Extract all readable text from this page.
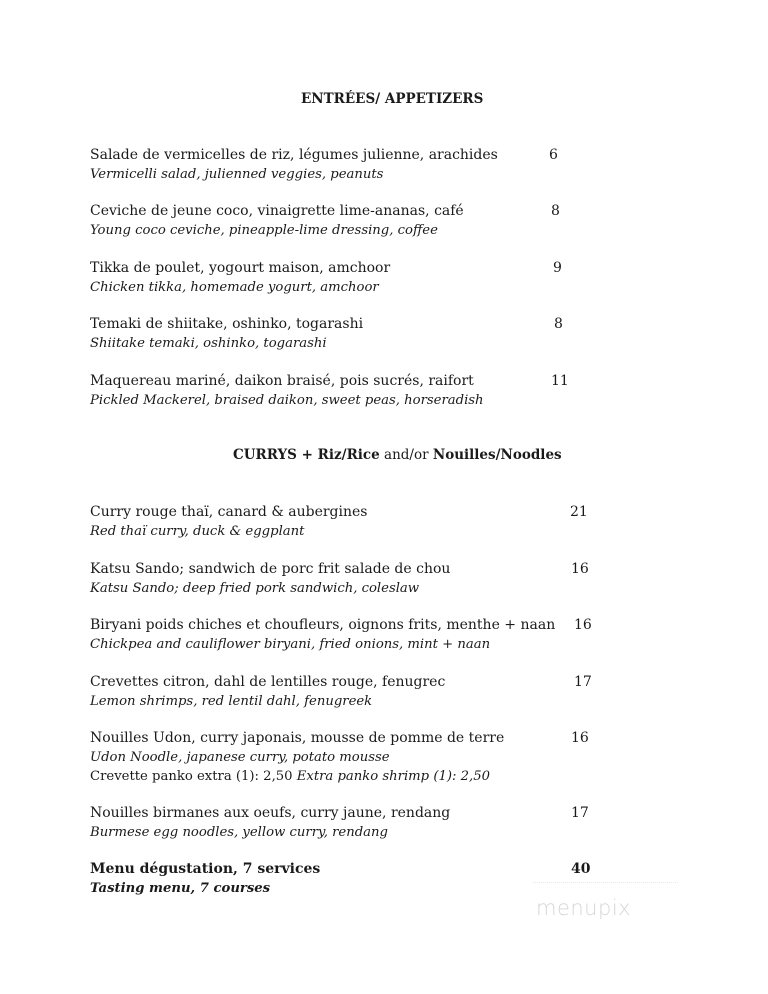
ENTRÉES/ APPETIZERS
Salade de vermicelles de riz, légumes julienne, arachides
Vermicelli salad, julienned veggies, peanuts
6
Ceviche de jeune coco, vinaigrette lime-ananas, café
Young coco ceviche, pineapple-lime dressing, coffee
8
Tikka de poulet, yogourt maison, amchoor
Chicken tikka, homemade yogurt, amchoor
9
Temaki de shiitake, oshinko, togarashi
Shiitake temaki, oshinko, togarashi
8
Maquereau mariné, daikon braisé, pois sucrés, raifort
Pickled Mackerel, braised daikon, sweet peas, horseradish
11
CURRYS + Riz/Rice and/or Nouilles/Noodles
Curry rouge thaï, canard & aubergines
Red thaï curry, duck & eggplant
21
Katsu Sando; sandwich de porc frit salade de chou
Katsu Sando; deep fried pork sandwich, coleslaw
16
Biryani poids chiches et choufleurs, oignons frits, menthe + naan
Chickpea and cauliflower biryani, fried onions, mint + naan
16
Crevettes citron, dahl de lentilles rouge, fenugrec
Lemon shrimps, red lentil dahl, fenugreek
17
Nouilles Udon, curry japonais, mousse de pomme de terre
Udon Noodle, japanese curry, potato mousse
Crevette panko extra (1): 2,50 Extra panko shrimp (1): 2,50
16
Nouilles birmanes aux oeufs, curry jaune, rendang
Burmese egg noodles, yellow curry, rendang
17
Menu dégustation, 7 services
Tasting menu, 7 courses
40
menupix
